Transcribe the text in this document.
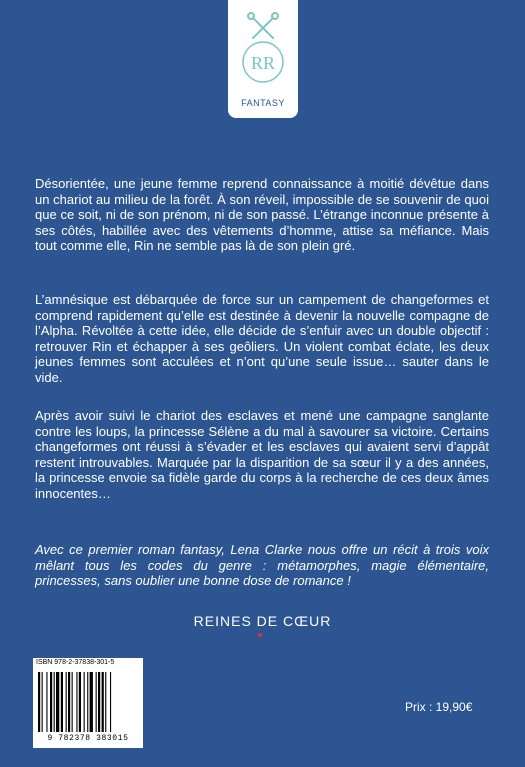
RR
FANTASY

Désorientée, une jeune femme reprend connaissance à moitié dévêtue dans un chariot au milieu de la forêt. À son réveil, impossible de se souvenir de quoi que ce soit, ni de son prénom, ni de son passé. L’étrange inconnue présente à ses côtés, habillée avec des vêtements d’homme, attise sa méfiance. Mais tout comme elle, Rin ne semble pas là de son plein gré.

L’amnésique est débarquée de force sur un campement de changeformes et comprend rapidement qu’elle est destinée à devenir la nouvelle compagne de l’Alpha. Révoltée à cette idée, elle décide de s’enfuir avec un double objectif : retrouver Rin et échapper à ses geôliers. Un violent combat éclate, les deux jeunes femmes sont acculées et n’ont qu’une seule issue… sauter dans le vide.

Après avoir suivi le chariot des esclaves et mené une campagne sanglante contre les loups, la princesse Sélène a du mal à savourer sa victoire. Certains changeformes ont réussi à s’évader et les esclaves qui avaient servi d’appât restent introuvables. Marquée par la disparition de sa sœur il y a des années, la princesse envoie sa fidèle garde du corps à la recherche de ces deux âmes innocentes…

Avec ce premier roman fantasy, Lena Clarke nous offre un récit à trois voix mêlant tous les codes du genre : métamorphes, magie élémentaire, princesses, sans oublier une bonne dose de romance !

REINES DE CŒUR
ISBN 978-2-37838-301-5
9 782378 383015
Prix : 19,90€
